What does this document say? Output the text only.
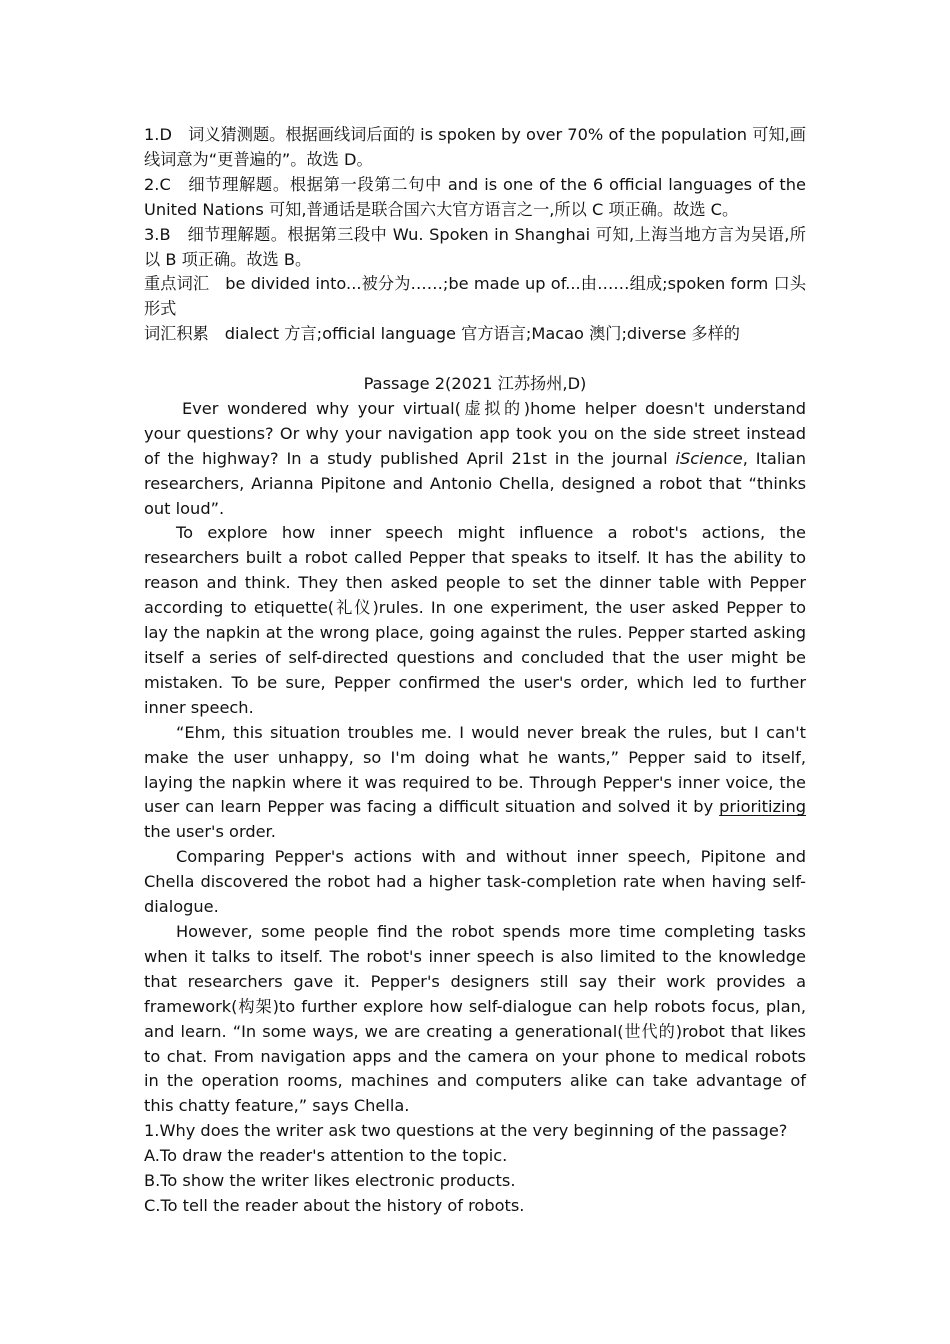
1.D　词义猜测题。根据画线词后面的 is spoken by over 70% of the population 可知,画线词意为“更普遍的”。故选 D。

2.C　细节理解题。根据第一段第二句中 and is one of the 6 official languages of the United Nations 可知,普通话是联合国六大官方语言之一,所以 C 项正确。故选 C。

3.B　细节理解题。根据第三段中 Wu. Spoken in Shanghai 可知,上海当地方言为吴语,所以 B 项正确。故选 B。

重点词汇 be divided into...被分为……;be made up of...由……组成;spoken form 口头形式

词汇积累 dialect 方言;official language 官方语言;Macao 澳门;diverse 多样的

Passage 2(2021 江苏扬州,D)

Ever wondered why your virtual(虚拟的)home helper doesn't understand your questions? Or why your navigation app took you on the side street instead of the highway? In a study published April 21st in the journal iScience, Italian researchers, Arianna Pipitone and Antonio Chella, designed a robot that “thinks out loud”.

To explore how inner speech might influence a robot's actions, the researchers built a robot called Pepper that speaks to itself. It has the ability to reason and think. They then asked people to set the dinner table with Pepper according to etiquette(礼仪)rules. In one experiment, the user asked Pepper to lay the napkin at the wrong place, going against the rules. Pepper started asking itself a series of self-directed questions and concluded that the user might be mistaken. To be sure, Pepper confirmed the user's order, which led to further inner speech.

“Ehm, this situation troubles me. I would never break the rules, but I can't make the user unhappy, so I'm doing what he wants,” Pepper said to itself, laying the napkin where it was required to be. Through Pepper's inner voice, the user can learn Pepper was facing a difficult situation and solved it by prioritizing the user's order.

Comparing Pepper's actions with and without inner speech, Pipitone and Chella discovered the robot had a higher task-completion rate when having self-dialogue.

However, some people find the robot spends more time completing tasks when it talks to itself. The robot's inner speech is also limited to the knowledge that researchers gave it. Pepper's designers still say their work provides a framework(构架)to further explore how self-dialogue can help robots focus, plan, and learn. “In some ways, we are creating a generational(世代的)robot that likes to chat. From navigation apps and the camera on your phone to medical robots in the operation rooms, machines and computers alike can take advantage of this chatty feature,” says Chella.

1.Why does the writer ask two questions at the very beginning of the passage?

A.To draw the reader's attention to the topic.

B.To show the writer likes electronic products.

C.To tell the reader about the history of robots.
